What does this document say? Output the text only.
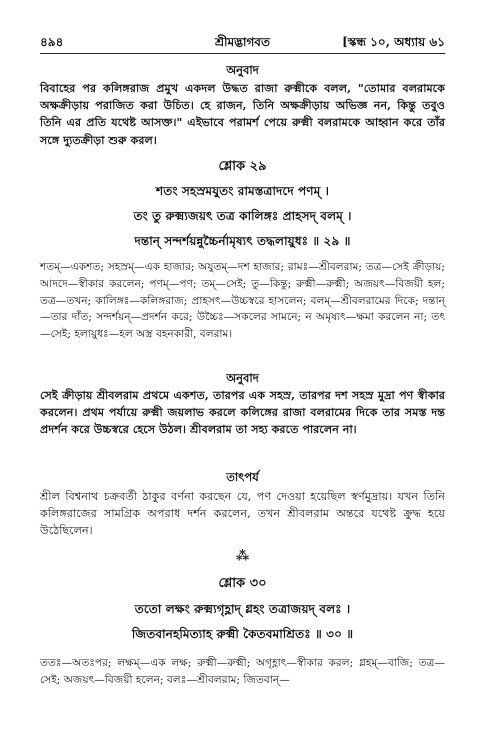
৪৯৪	শ্রীমদ্ভাগবত	[স্কন্ধ ১০, অধ্যায় ৬১
অনুবাদ
বিবাহের পর কলিঙ্গরাজ প্রমুখ একদল উদ্ধত রাজা রুক্মীকে বলল, "তোমার বলরামকে অক্ষক্রীড়ায় পরাজিত করা উচিত। হে রাজন, তিনি অক্ষক্রীড়ায় অভিজ্ঞ নন, কিন্তু তবুও তিনি এর প্রতি যথেষ্ট আসক্ত।" এইভাবে পরামর্শ পেয়ে রুক্মী বলরামকে আহ্বান করে তাঁর সঙ্গে দ্যুতক্রীড়া শুরু করল।
শ্লোক ২৯
শতং সহস্রমযুতং রামস্তত্রাদদে পণম্ ।
তং তু রুক্ম্যজয়ৎ তত্র কালিঙ্গঃ প্রাহসদ্ বলম্ ।
দন্তান্ সন্দর্শয়ন্নুচ্চৈর্নামৃষ্যৎ তদ্ধলায়ুধঃ ॥ ২৯ ॥
শতম্—একশত; সহস্রম্—এক হাজার; অযুতম্—দশ হাজার; রামঃ—শ্রীবলরাম; তত্র—সেই ক্রীড়ায়; আদদে—স্বীকার করলেন; পণম্—পণ; তম্—সেই; তু—কিন্তু; রুক্মী—রুক্মী; অজয়ৎ—বিজয়ী হল; তত্র—তখন; কালিঙ্গঃ—কলিঙ্গরাজ; প্রাহসৎ—উচ্চস্বরে হাসলেন; বলম্—শ্রীবলরামের দিকে; দন্তান্—তার দাঁত; সন্দর্শয়ন্—প্রদর্শন করে; উচ্চৈঃ—সকলের সামনে; ন অমৃষ্যৎ—ক্ষমা করলেন না; তৎ—সেই; হলায়ুধঃ—হল অস্ত্র বহনকারী, বলরাম।
অনুবাদ
সেই ক্রীড়ায় শ্রীবলরাম প্রথমে একশত, তারপর এক সহস্র, তারপর দশ সহস্র মুদ্রা পণ স্বীকার করলেন। প্রথম পর্যায়ে রুক্মী জয়লাভ করলে কলিঙ্গের রাজা বলরামের দিকে তার সমস্ত দন্ত প্রদর্শন করে উচ্চস্বরে হেসে উঠল। শ্রীবলরাম তা সহ্য করতে পারলেন না।
তাৎপর্য
শ্রীল বিশ্বনাথ চক্রবর্তী ঠাকুর বর্ণনা করছেন যে, পণ দেওয়া হয়েছিল স্বর্ণমুদ্রায়। যখন তিনি কলিঙ্গরাজের সামগ্রিক অপরাধ দর্শন করলেন, তখন শ্রীবলরাম অন্তরে যথেষ্ট ক্রুদ্ধ হয়ে উঠেছিলেন।
⁂
শ্লোক ৩০
ততো লক্ষং রুক্ম্যগৃহ্ণাদ্ গ্লহং তত্রাজয়দ্ বলঃ ।
জিতবানহমিত্যাহ রুক্মী কৈতবমাশ্রিতঃ ॥ ৩০ ॥
ততঃ—অতঃপর; লক্ষম্—এক লক্ষ; রুক্মী—রুক্মী; অগৃহ্ণাৎ—স্বীকার করল; গ্লহম্—বাজি; তত্র—সেই; অজয়ৎ—বিজয়ী হলেন; বলঃ—শ্রীবলরাম; জিতবান্—
